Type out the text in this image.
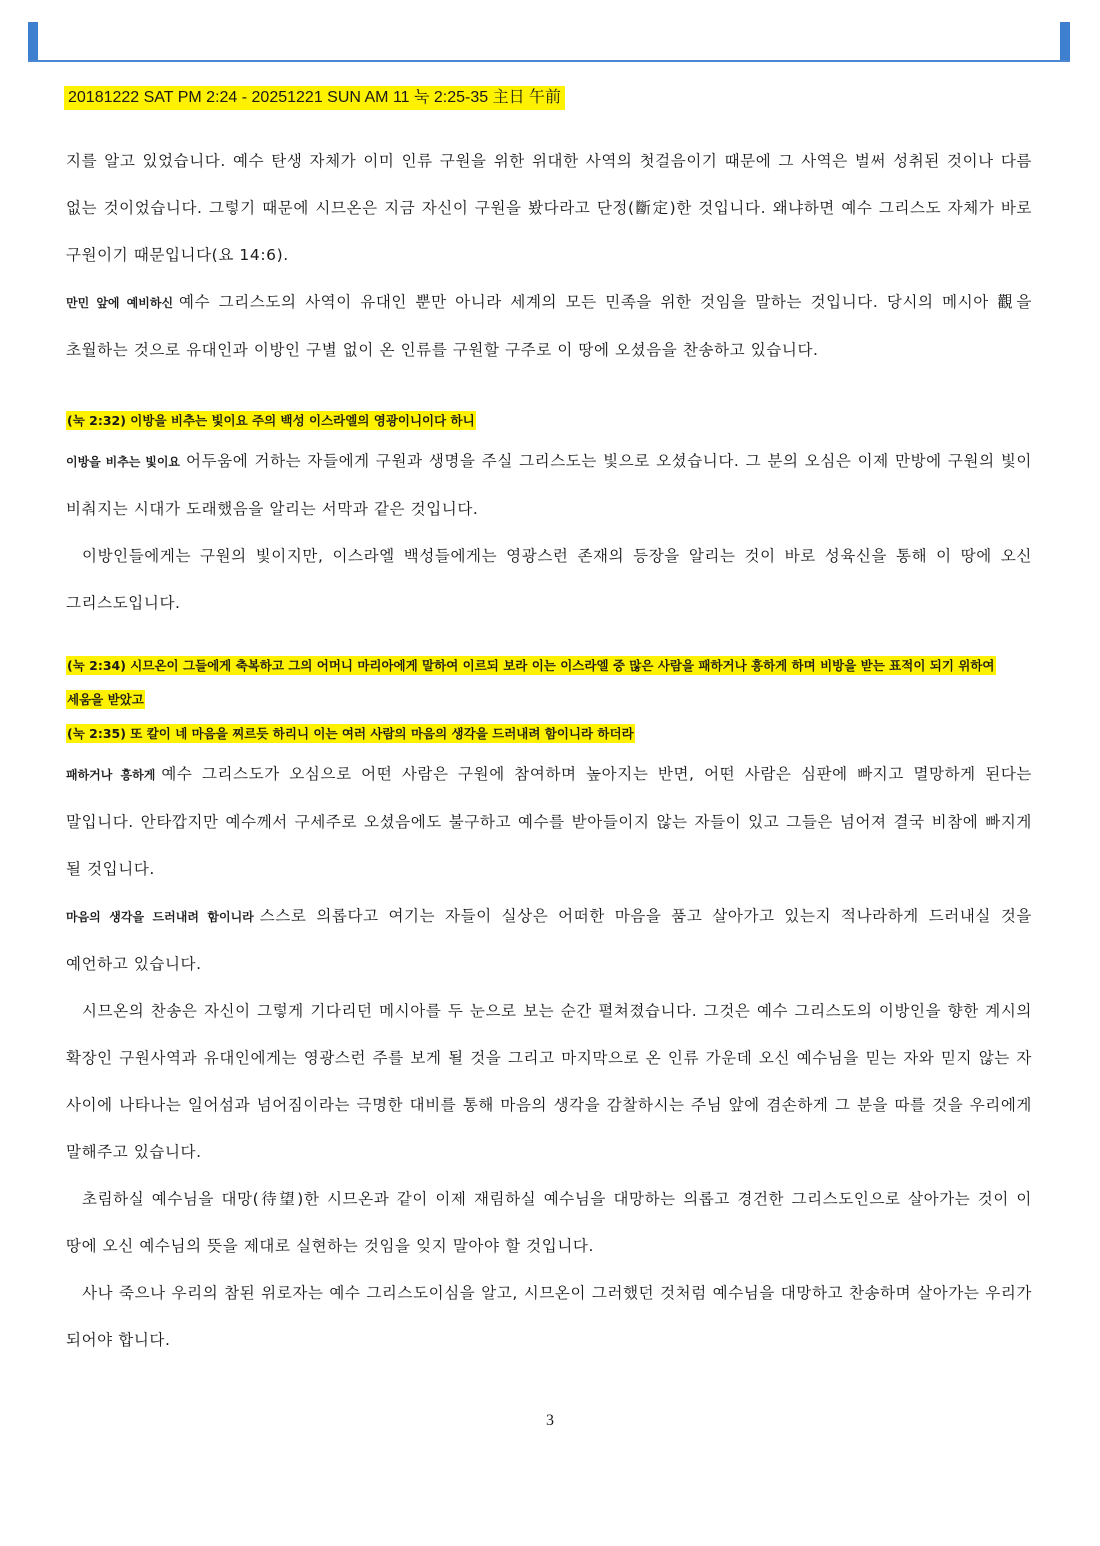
20181222 SAT PM 2:24 - 20251221 SUN AM 11 눅 2:25-35 主日 午前

지를 알고 있었습니다. 예수 탄생 자체가 이미 인류 구원을 위한 위대한 사역의 첫걸음이기 때문에 그 사역은 벌써 성취된 것이나 다름 없는 것이었습니다. 그렇기 때문에 시므온은 지금 자신이 구원을 봤다라고 단정(斷定)한 것입니다. 왜냐하면 예수 그리스도 자체가 바로 구원이기 때문입니다(요 14:6).

만민 앞에 예비하신 예수 그리스도의 사역이 유대인 뿐만 아니라 세계의 모든 민족을 위한 것임을 말하는 것입니다. 당시의 메시아 觀을 초월하는 것으로 유대인과 이방인 구별 없이 온 인류를 구원할 구주로 이 땅에 오셨음을 찬송하고 있습니다.

(눅 2:32) 이방을 비추는 빛이요 주의 백성 이스라엘의 영광이니이다 하니

이방을 비추는 빛이요 어두움에 거하는 자들에게 구원과 생명을 주실 그리스도는 빛으로 오셨습니다. 그 분의 오심은 이제 만방에 구원의 빛이 비춰지는 시대가 도래했음을 알리는 서막과 같은 것입니다.

이방인들에게는 구원의 빛이지만, 이스라엘 백성들에게는 영광스런 존재의 등장을 알리는 것이 바로 성육신을 통해 이 땅에 오신 그리스도입니다.

(눅 2:34) 시므온이 그들에게 축복하고 그의 어머니 마리아에게 말하여 이르되 보라 이는 이스라엘 중 많은 사람을 패하거나 흥하게 하며 비방을 받는 표적이 되기 위하여 세움을 받았고

(눅 2:35) 또 칼이 네 마음을 찌르듯 하리니 이는 여러 사람의 마음의 생각을 드러내려 함이니라 하더라

패하거나 흥하게 예수 그리스도가 오심으로 어떤 사람은 구원에 참여하며 높아지는 반면, 어떤 사람은 심판에 빠지고 멸망하게 된다는 말입니다. 안타깝지만 예수께서 구세주로 오셨음에도 불구하고 예수를 받아들이지 않는 자들이 있고 그들은 넘어져 결국 비참에 빠지게 될 것입니다.

마음의 생각을 드러내려 함이니라 스스로 의롭다고 여기는 자들이 실상은 어떠한 마음을 품고 살아가고 있는지 적나라하게 드러내실 것을 예언하고 있습니다.

시므온의 찬송은 자신이 그렇게 기다리던 메시아를 두 눈으로 보는 순간 펼쳐졌습니다. 그것은 예수 그리스도의 이방인을 향한 계시의 확장인 구원사역과 유대인에게는 영광스런 주를 보게 될 것을 그리고 마지막으로 온 인류 가운데 오신 예수님을 믿는 자와 믿지 않는 자 사이에 나타나는 일어섬과 넘어짐이라는 극명한 대비를 통해 마음의 생각을 감찰하시는 주님 앞에 겸손하게 그 분을 따를 것을 우리에게 말해주고 있습니다.

초림하실 예수님을 대망(待望)한 시므온과 같이 이제 재림하실 예수님을 대망하는 의롭고 경건한 그리스도인으로 살아가는 것이 이 땅에 오신 예수님의 뜻을 제대로 실현하는 것임을 잊지 말아야 할 것입니다.

사나 죽으나 우리의 참된 위로자는 예수 그리스도이심을 알고, 시므온이 그러했던 것처럼 예수님을 대망하고 찬송하며 살아가는 우리가 되어야 합니다.

3
